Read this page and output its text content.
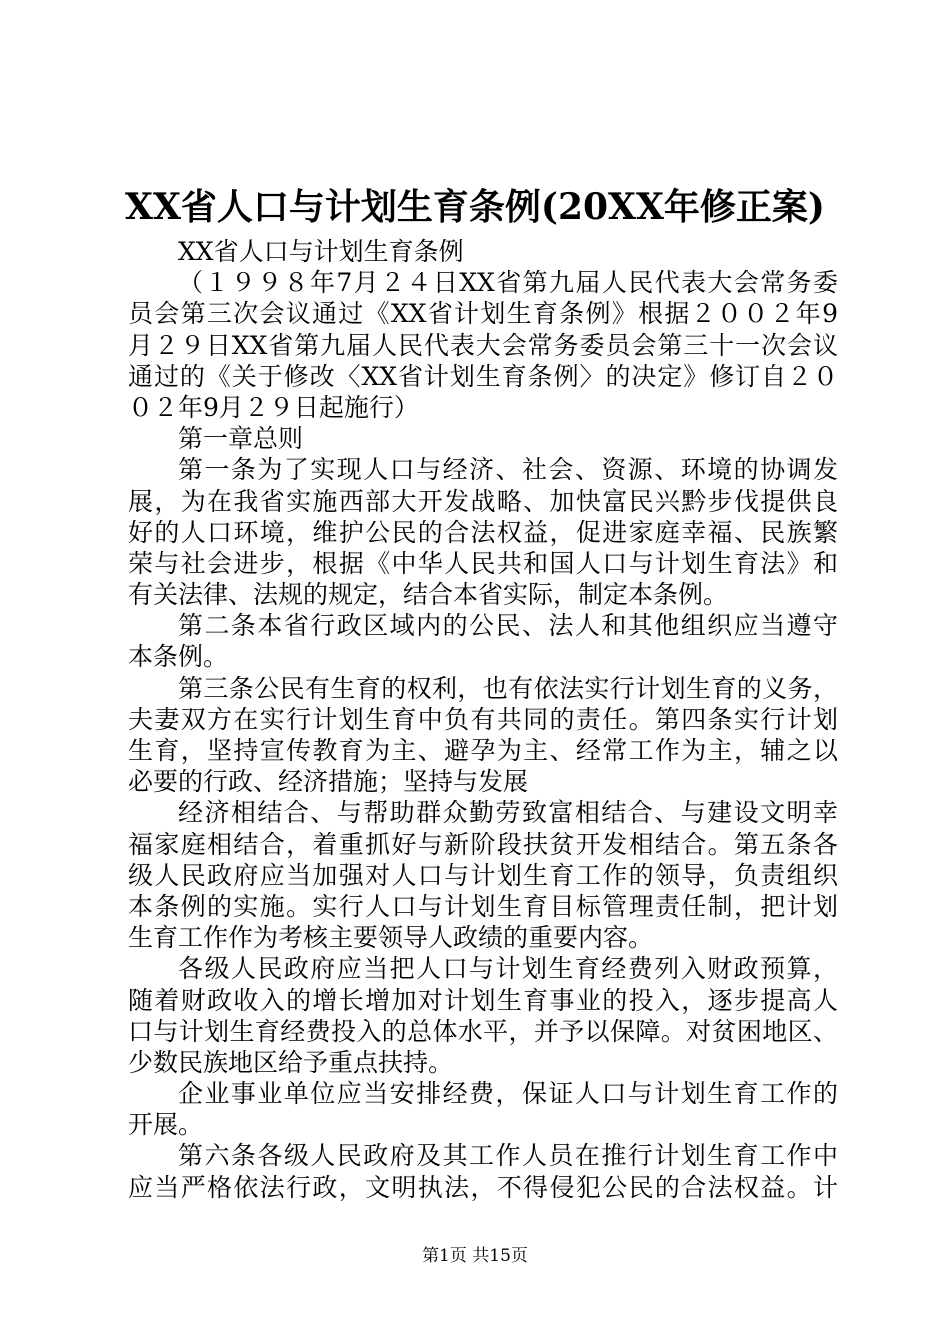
XX省人口与计划生育条例(20XX年修正案)
XX省人口与计划生育条例
（１９９８年7月２４日XX省第九届人民代表大会常务委
员会第三次会议通过《XX省计划生育条例》根据２００２年9
月２９日XX省第九届人民代表大会常务委员会第三十一次会议
通过的《关于修改〈XX省计划生育条例〉的决定》修订自２０
０２年9月２９日起施行）
第一章总则
第一条为了实现人口与经济、社会、资源、环境的协调发
展，为在我省实施西部大开发战略、加快富民兴黔步伐提供良
好的人口环境，维护公民的合法权益，促进家庭幸福、民族繁
荣与社会进步，根据《中华人民共和国人口与计划生育法》和
有关法律、法规的规定，结合本省实际，制定本条例。
第二条本省行政区域内的公民、法人和其他组织应当遵守
本条例。
第三条公民有生育的权利，也有依法实行计划生育的义务，
夫妻双方在实行计划生育中负有共同的责任。第四条实行计划
生育，坚持宣传教育为主、避孕为主、经常工作为主，辅之以
必要的行政、经济措施；坚持与发展
经济相结合、与帮助群众勤劳致富相结合、与建设文明幸
福家庭相结合，着重抓好与新阶段扶贫开发相结合。第五条各
级人民政府应当加强对人口与计划生育工作的领导，负责组织
本条例的实施。实行人口与计划生育目标管理责任制，把计划
生育工作作为考核主要领导人政绩的重要内容。
各级人民政府应当把人口与计划生育经费列入财政预算，
随着财政收入的增长增加对计划生育事业的投入，逐步提高人
口与计划生育经费投入的总体水平，并予以保障。对贫困地区、
少数民族地区给予重点扶持。
企业事业单位应当安排经费，保证人口与计划生育工作的
开展。
第六条各级人民政府及其工作人员在推行计划生育工作中
应当严格依法行政，文明执法，不得侵犯公民的合法权益。计
第1页 共15页
